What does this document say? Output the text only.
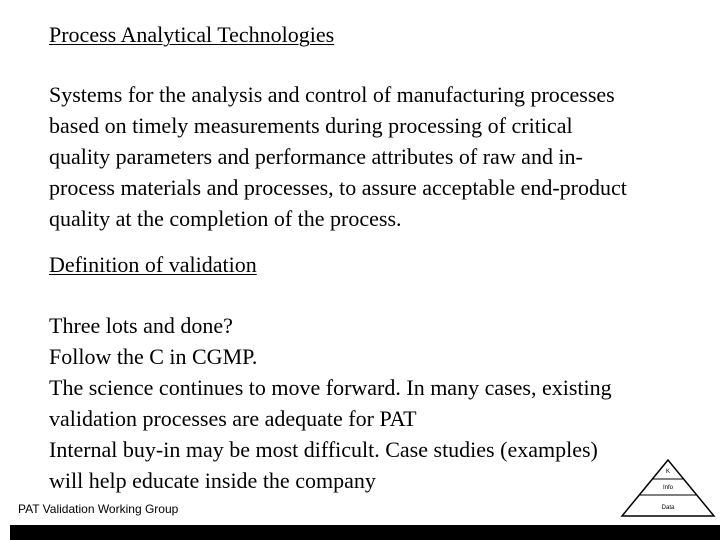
Process Analytical Technologies
Systems for the analysis and control of manufacturing processes
based on timely measurements during processing of critical
quality parameters and performance attributes of raw and in-
process materials and processes, to assure acceptable end-product
quality at the completion of the process.
Definition of validation
Three lots and done?
Follow the C in CGMP.
The science continues to move forward. In many cases, existing
validation processes are adequate for PAT
Internal buy-in may be most difficult. Case studies (examples)
will help educate inside the company	K
Info
Data
PAT Validation Working Group
